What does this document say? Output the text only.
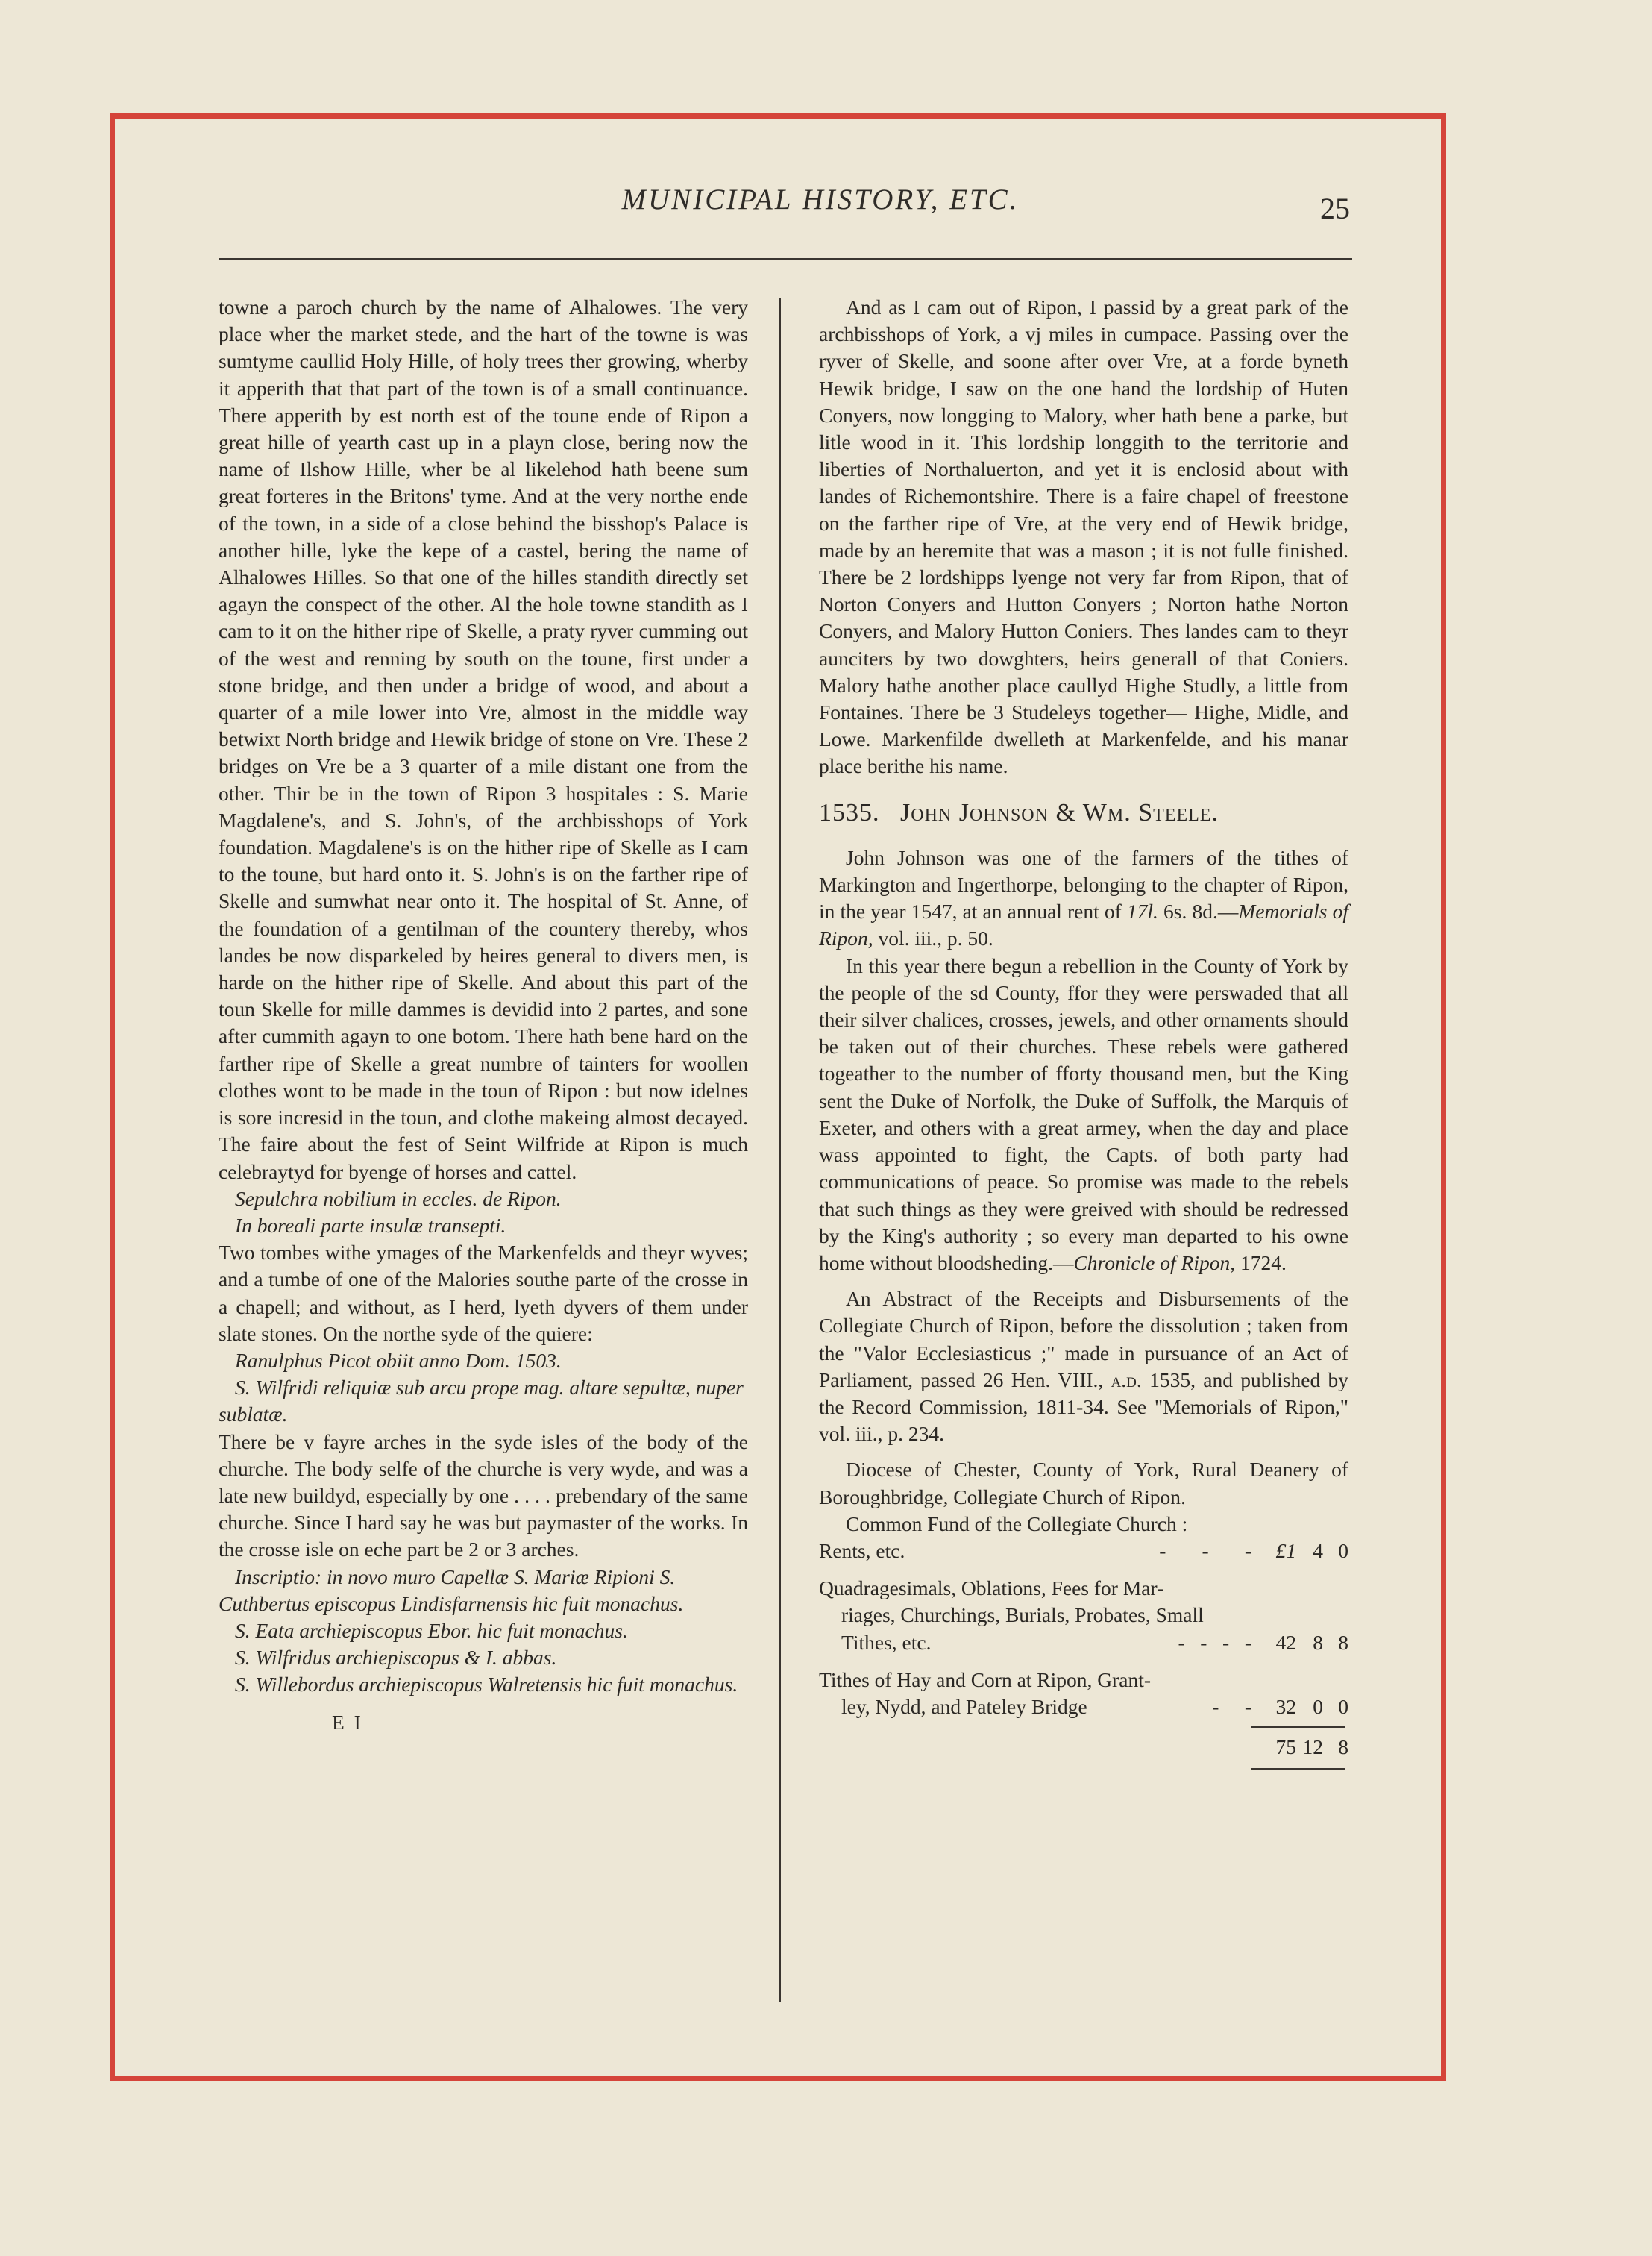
MUNICIPAL HISTORY, ETC.	25

towne a paroch church by the name of Alhalowes. The very place wher the market stede, and the hart of the towne is was sumtyme caullid Holy Hille, of holy trees ther growing, wherby it apperith that that part of the town is of a small continuance. There apperith by est north est of the toune ende of Ripon a great hille of yearth cast up in a playn close, bering now the name of Ilshow Hille, wher be al likelehod hath beene sum great forteres in the Britons' tyme. And at the very northe ende of the town, in a side of a close behind the bisshop's Palace is another hille, lyke the kepe of a castel, bering the name of Alhalowes Hilles. So that one of the hilles standith directly set agayn the conspect of the other. Al the hole towne standith as I cam to it on the hither ripe of Skelle, a praty ryver cumming out of the west and renning by south on the toune, first under a stone bridge, and then under a bridge of wood, and about a quarter of a mile lower into Vre, almost in the middle way betwixt North bridge and Hewik bridge of stone on Vre. These 2 bridges on Vre be a 3 quarter of a mile distant one from the other. Thir be in the town of Ripon 3 hospitales : S. Marie Magdalene's, and S. John's, of the archbisshops of York foundation. Magdalene's is on the hither ripe of Skelle as I cam to the toune, but hard onto it. S. John's is on the farther ripe of Skelle and sumwhat near onto it. The hospital of St. Anne, of the foundation of a gentilman of the countery thereby, whos landes be now disparkeled by heires general to divers men, is harde on the hither ripe of Skelle. And about this part of the toun Skelle for mille dammes is devidid into 2 partes, and sone after cummith agayn to one botom. There hath bene hard on the farther ripe of Skelle a great numbre of tainters for woollen clothes wont to be made in the toun of Ripon : but now idelnes is sore incresid in the toun, and clothe makeing almost decayed. The faire about the fest of Seint Wilfride at Ripon is much celebraytyd for byenge of horses and cattel.

Sepulchra nobilium in eccles. de Ripon.

In boreali parte insulæ transepti.

Two tombes withe ymages of the Markenfelds and theyr wyves; and a tumbe of one of the Malories southe parte of the crosse in a chapell; and without, as I herd, lyeth dyvers of them under slate stones. On the northe syde of the quiere:

Ranulphus Picot obiit anno Dom. 1503.

S. Wilfridi reliquiæ sub arcu prope mag. altare sepultæ, nuper sublatæ.

There be v fayre arches in the syde isles of the body of the churche. The body selfe of the churche is very wyde, and was a late new buildyd, especially by one . . . . prebendary of the same churche. Since I hard say he was but paymaster of the works. In the crosse isle on eche part be 2 or 3 arches.

Inscriptio: in novo muro Capellæ S. Mariæ Ripioni S. Cuthbertus episcopus Lindisfarnensis hic fuit monachus.

S. Eata archiepiscopus Ebor. hic fuit monachus.

S. Wilfridus archiepiscopus & I. abbas.

S. Willebordus archiepiscopus Walretensis hic fuit monachus.

E I

And as I cam out of Ripon, I passid by a great park of the archbisshops of York, a vj miles in cumpace. Passing over the ryver of Skelle, and soone after over Vre, at a forde byneth Hewik bridge, I saw on the one hand the lordship of Huten Conyers, now longging to Malory, wher hath bene a parke, but litle wood in it. This lordship longgith to the territorie and liberties of Northaluerton, and yet it is enclosid about with landes of Richemontshire. There is a faire chapel of freestone on the farther ripe of Vre, at the very end of Hewik bridge, made by an heremite that was a mason ; it is not fulle finished. There be 2 lordshipps lyenge not very far from Ripon, that of Norton Conyers and Hutton Conyers ; Norton hathe Norton Conyers, and Malory Hutton Coniers. Thes landes cam to theyr aunciters by two dowghters, heirs generall of that Coniers. Malory hathe another place caullyd Highe Studly, a little from Fontaines. There be 3 Studeleys together— Highe, Midle, and Lowe. Markenfilde dwelleth at Markenfelde, and his manar place berithe his name.

1535. John Johnson & Wm. Steele.

John Johnson was one of the farmers of the tithes of Markington and Ingerthorpe, belonging to the chapter of Ripon, in the year 1547, at an annual rent of 17l. 6s. 8d.—Memorials of Ripon, vol. iii., p. 50.

In this year there begun a rebellion in the County of York by the people of the sd County, ffor they were perswaded that all their silver chalices, crosses, jewels, and other ornaments should be taken out of their churches. These rebels were gathered togeather to the number of fforty thousand men, but the King sent the Duke of Norfolk, the Duke of Suffolk, the Marquis of Exeter, and others with a great armey, when the day and place wass appointed to fight, the Capts. of both party had communications of peace. So promise was made to the rebels that such things as they were greived with should be redressed by the King's authority ; so every man departed to his owne home without bloodsheding.—Chronicle of Ripon, 1724.

An Abstract of the Receipts and Disbursements of the Collegiate Church of Ripon, before the dissolution ; taken from the "Valor Ecclesiasticus ;" made in pursuance of an Act of Parliament, passed 26 Hen. VIII., a.d. 1535, and published by the Record Commission, 1811-34. See "Memorials of Ripon," vol. iii., p. 234.

Diocese of Chester, County of York, Rural Deanery of Boroughbridge, Collegiate Church of Ripon.

Common Fund of the Collegiate Church :
Rents, etc.	-       -       -	£1 4 0
Quadragesimals, Oblations, Fees for Mar-
riages, Churchings, Burials, Probates, Small Tithes, etc.	-   -   -   -	42 8 8
Tithes of Hay and Corn at Ripon, Grant-
ley, Nydd, and Pateley Bridge	-     -	32 0 0
75 12 8
